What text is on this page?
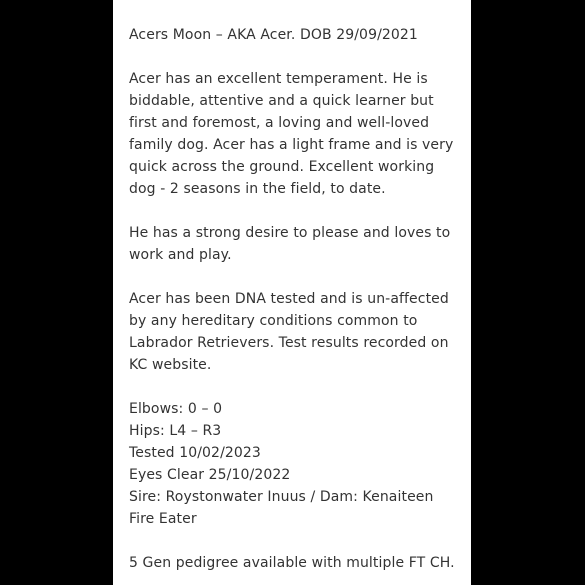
Acers Moon – AKA Acer. DOB 29/09/2021

Acer has an excellent temperament. He is
biddable, attentive and a quick learner but
first and foremost, a loving and well-loved
family dog. Acer has a light frame and is very
quick across the ground. Excellent working
dog - 2 seasons in the field, to date.

He has a strong desire to please and loves to
work and play.

Acer has been DNA tested and is un-affected
by any hereditary conditions common to
Labrador Retrievers. Test results recorded on
KC website.

Elbows: 0 – 0
Hips: L4 – R3
Tested 10/02/2023
Eyes Clear 25/10/2022
Sire: Roystonwater Inuus / Dam: Kenaiteen
Fire Eater

5 Gen pedigree available with multiple FT CH.
